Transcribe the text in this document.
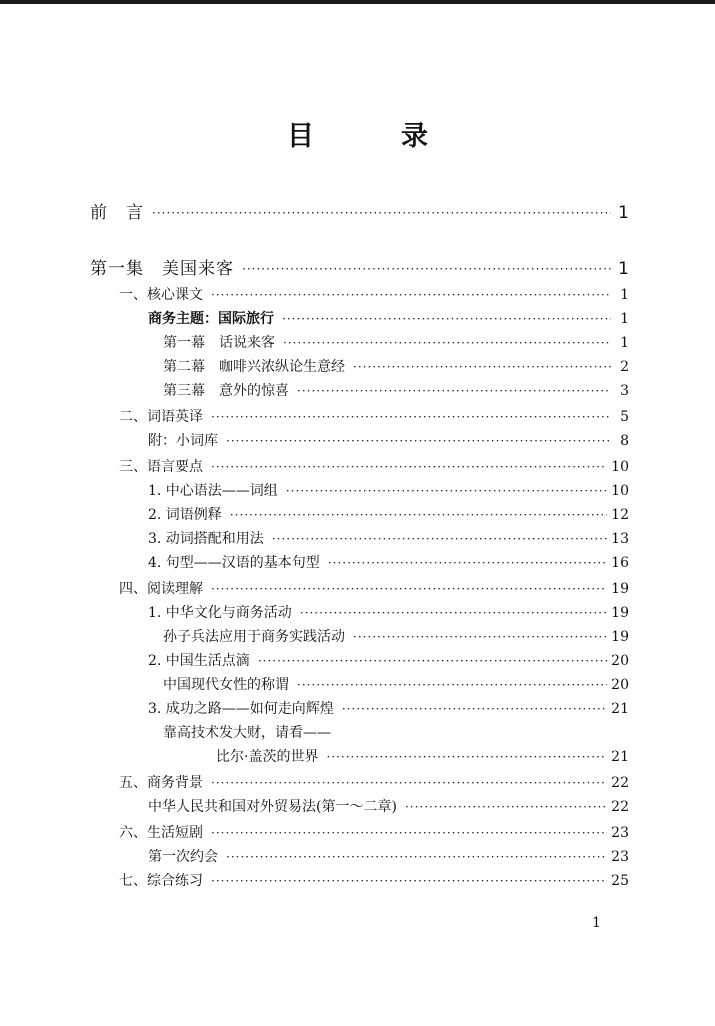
目　录
前　言 ·····	1
第一集　美国来客 ·····	1
一、核心课文 ·····	1
商务主题：国际旅行 ·····	1
第一幕　话说来客 ·····	1
第二幕　咖啡兴浓纵论生意经 ·····	2
第三幕　意外的惊喜 ·····	3
二、词语英译 ·····	5
附：小词库 ·····	8
三、语言要点 ·····	10
1. 中心语法——词组 ·····	10
2. 词语例释 ·····	12
3. 动词搭配和用法 ·····	13
4. 句型——汉语的基本句型 ·····	16
四、阅读理解 ·····	19
1. 中华文化与商务活动 ·····	19
孙子兵法应用于商务实践活动 ·····	19
2. 中国生活点滴 ·····	20
中国现代女性的称谓 ·····	20
3. 成功之路——如何走向辉煌 ·····	21
靠高技术发大财，请看——
比尔·盖茨的世界 ·····	21
五、商务背景 ·····	22
中华人民共和国对外贸易法(第一～二章) ·····	22
六、生活短剧 ·····	23
第一次约会 ·····	23
七、综合练习 ·····	25
1
